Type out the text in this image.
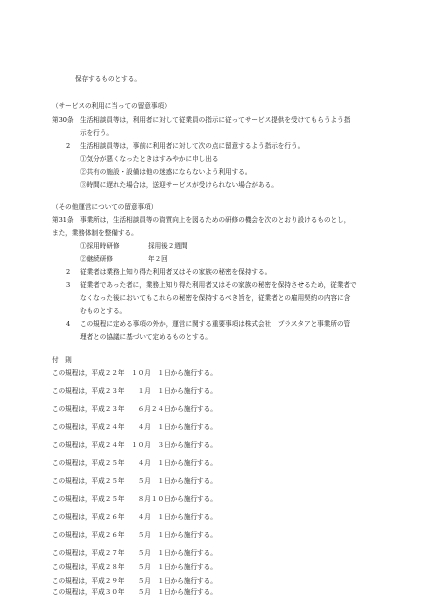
保存するものとする。
（サービスの利用に当っての留意事項）
第30条 生活相談員等は，利用者に対して従業員の指示に従ってサービス提供を受けてもらうよう指
示を行う。
2 生活相談員等は，事前に利用者に対して次の点に留意するよう指示を行う。
①気分が悪くなったときはすみやかに申し出る
②共有の施設・設備は他の迷惑にならないよう利用する。
③時間に遅れた場合は，送迎サービスが受けられない場合がある。
（その他運営についての留意事項）
第31条 事業所は，生活相談員等の資質向上を図るための研修の機会を次のとおり設けるものとし，
また，業務体制を整備する。
①採用時研修	採用後２週間
②継続研修	年２回
2 従業者は業務上知り得た利用者又はその家族の秘密を保持する。
3 従業者であった者に，業務上知り得た利用者又はその家族の秘密を保持させるため，従業者で
なくなった後においてもこれらの秘密を保持するべき旨を，従業者との雇用契約の内容に含
むものとする。
4 この規程に定める事項の外か，運営に関する重要事項は株式会社　プラスタアと事業所の管
理者との協議に基づいて定めるものとする。
付　則
この規程は，平成２２年　１０月　１日から施行する。
この規程は，平成２３年　　１月　１日から施行する。
この規程は，平成２３年　　６月２４日から施行する。
この規程は，平成２４年　　４月　１日から施行する。
この規程は，平成２４年　１０月　３日から施行する。
この規程は，平成２５年　　４月　１日から施行する。
この規程は，平成２５年　　５月　１日から施行する。
この規程は，平成２５年　　８月１０日から施行する。
この規程は，平成２６年　　４月　１日から施行する。
この規程は，平成２６年　　５月　１日から施行する。
この規程は，平成２７年　　５月　１日から施行する。
この規程は，平成２８年　　５月　１日から施行する。
この規程は，平成２９年　　５月　１日から施行する。
この規程は，平成３０年　　５月　１日から施行する。
